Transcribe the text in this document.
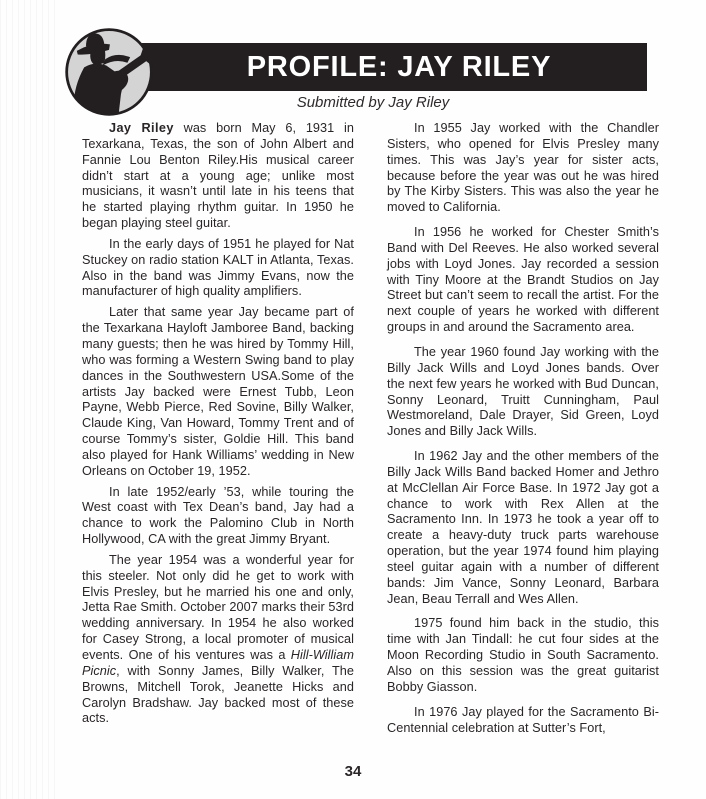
PROFILE: JAY RILEY
Submitted by Jay Riley

Jay Riley was born May 6, 1931 in Texarkana, Texas, the son of John Albert and Fannie Lou Benton Riley.His musical career didn’t start at a young age; unlike most musicians, it wasn’t until late in his teens that he started playing rhythm guitar. In 1950 he began playing steel guitar.

In the early days of 1951 he played for Nat Stuckey on radio station KALT in Atlanta, Texas. Also in the band was Jimmy Evans, now the manufacturer of high quality amplifiers.

Later that same year Jay became part of the Texarkana Hayloft Jamboree Band, backing many guests; then he was hired by Tommy Hill, who was forming a Western Swing band to play dances in the Southwestern USA.Some of the artists Jay backed were Ernest Tubb, Leon Payne, Webb Pierce, Red Sovine, Billy Walker, Claude King, Van Howard, Tommy Trent and of course Tommy’s sister, Goldie Hill. This band also played for Hank Williams’ wedding in New Orleans on October 19, 1952.

In late 1952/early ’53, while touring the West coast with Tex Dean’s band, Jay had a chance to work the Palomino Club in North Hollywood, CA with the great Jimmy Bryant.

The year 1954 was a wonderful year for this steeler. Not only did he get to work with Elvis Presley, but he married his one and only, Jetta Rae Smith. October 2007 marks their 53rd wedding anniversary. In 1954 he also worked for Casey Strong, a local promoter of musical events. One of his ventures was a Hill-William Picnic, with Sonny James, Billy Walker, The Browns, Mitchell Torok, Jeanette Hicks and Carolyn Bradshaw. Jay backed most of these acts.

In 1955 Jay worked with the Chandler Sisters, who opened for Elvis Presley many times. This was Jay’s year for sister acts, because before the year was out he was hired by The Kirby Sisters. This was also the year he moved to California.

In 1956 he worked for Chester Smith’s Band with Del Reeves. He also worked several jobs with Loyd Jones. Jay recorded a session with Tiny Moore at the Brandt Studios on Jay Street but can’t seem to recall the artist. For the next couple of years he worked with different groups in and around the Sacramento area.

The year 1960 found Jay working with the Billy Jack Wills and Loyd Jones bands. Over the next few years he worked with Bud Duncan, Sonny Leonard, Truitt Cunningham, Paul Westmoreland, Dale Drayer, Sid Green, Loyd Jones and Billy Jack Wills.

In 1962 Jay and the other members of the Billy Jack Wills Band backed Homer and Jethro at McClellan Air Force Base. In 1972 Jay got a chance to work with Rex Allen at the Sacramento Inn. In 1973 he took a year off to create a heavy-duty truck parts warehouse operation, but the year 1974 found him playing steel guitar again with a number of different bands: Jim Vance, Sonny Leonard, Barbara Jean, Beau Terrall and Wes Allen.

1975 found him back in the studio, this time with Jan Tindall: he cut four sides at the Moon Recording Studio in South Sacramento. Also on this session was the great guitarist Bobby Giasson.

In 1976 Jay played for the Sacramento Bi-Centennial celebration at Sutter’s Fort,

34
